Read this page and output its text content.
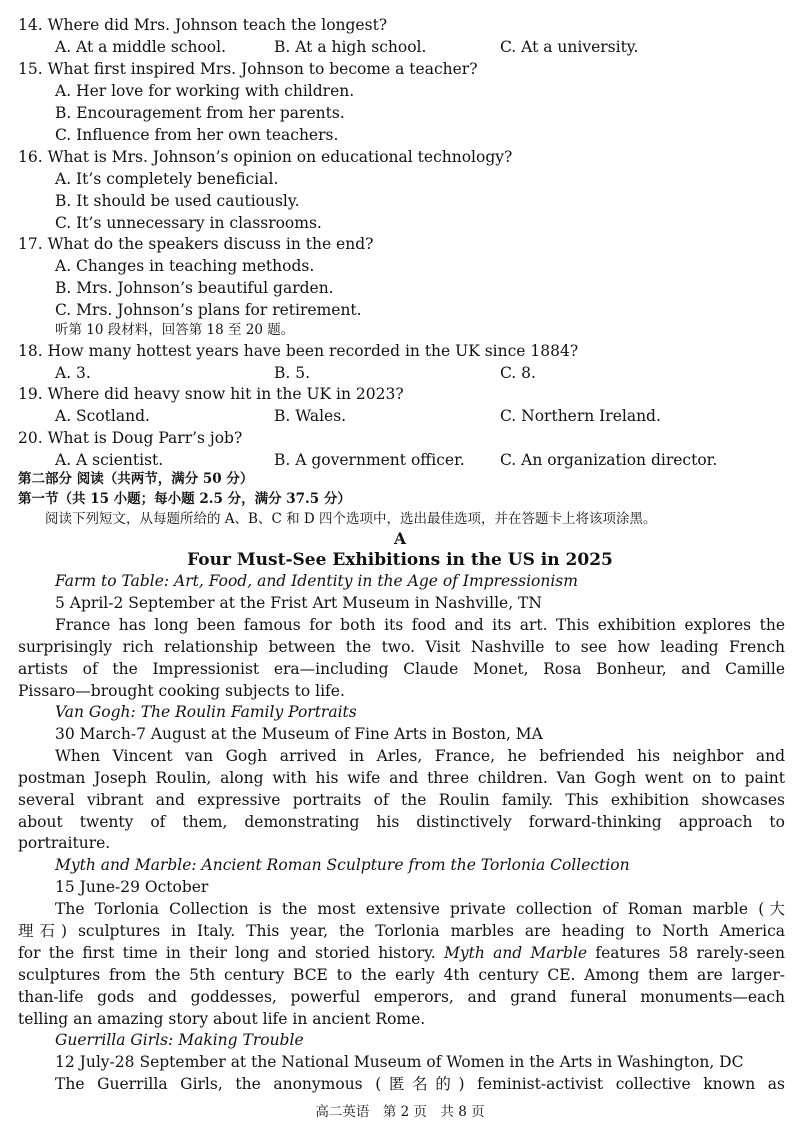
14. Where did Mrs. Johnson teach the longest?
A. At a middle school.	B. At a high school.	C. At a university.
15. What first inspired Mrs. Johnson to become a teacher?
A. Her love for working with children.
B. Encouragement from her parents.
C. Influence from her own teachers.
16. What is Mrs. Johnson’s opinion on educational technology?
A. It’s completely beneficial.
B. It should be used cautiously.
C. It’s unnecessary in classrooms.
17. What do the speakers discuss in the end?
A. Changes in teaching methods.
B. Mrs. Johnson’s beautiful garden.
C. Mrs. Johnson’s plans for retirement.
听第 10 段材料，回答第 18 至 20 题。
18. How many hottest years have been recorded in the UK since 1884?
A. 3.	B. 5.	C. 8.
19. Where did heavy snow hit in the UK in 2023?
A. Scotland.	B. Wales.	C. Northern Ireland.
20. What is Doug Parr’s job?
A. A scientist.	B. A government officer. C. An organization director.
第二部分 阅读（共两节，满分 50 分）
第一节（共 15 小题；每小题 2.5 分，满分 37.5 分）
阅读下列短文，从每题所给的 A、B、C 和 D 四个选项中，选出最佳选项，并在答题卡上将该项涂黑。
A
Four Must-See Exhibitions in the US in 2025
Farm to Table: Art, Food, and Identity in the Age of Impressionism
5 April-2 September at the Frist Art Museum in Nashville, TN
France has long been famous for both its food and its art. This exhibition explores the
surprisingly rich relationship between the two. Visit Nashville to see how leading French
artists of the Impressionist era—including Claude Monet, Rosa Bonheur, and Camille
Pissaro—brought cooking subjects to life.
Van Gogh: The Roulin Family Portraits
30 March-7 August at the Museum of Fine Arts in Boston, MA
When Vincent van Gogh arrived in Arles, France, he befriended his neighbor and
postman Joseph Roulin, along with his wife and three children. Van Gogh went on to paint
several vibrant and expressive portraits of the Roulin family. This exhibition showcases
about twenty of them, demonstrating his distinctively forward-thinking approach to
portraiture.
Myth and Marble: Ancient Roman Sculpture from the Torlonia Collection
15 June-29 October
The Torlonia Collection is the most extensive private collection of Roman marble (大
理石) sculptures in Italy. This year, the Torlonia marbles are heading to North America
for the first time in their long and storied history. Myth and Marble features 58 rarely-seen
sculptures from the 5th century BCE to the early 4th century CE. Among them are larger-
than-life gods and goddesses, powerful emperors, and grand funeral monuments—each
telling an amazing story about life in ancient Rome.
Guerrilla Girls: Making Trouble
12 July-28 September at the National Museum of Women in the Arts in Washington, DC
The Guerrilla Girls, the anonymous (匿名的) feminist-activist collective known as
高二英语　第 2 页　共 8 页
